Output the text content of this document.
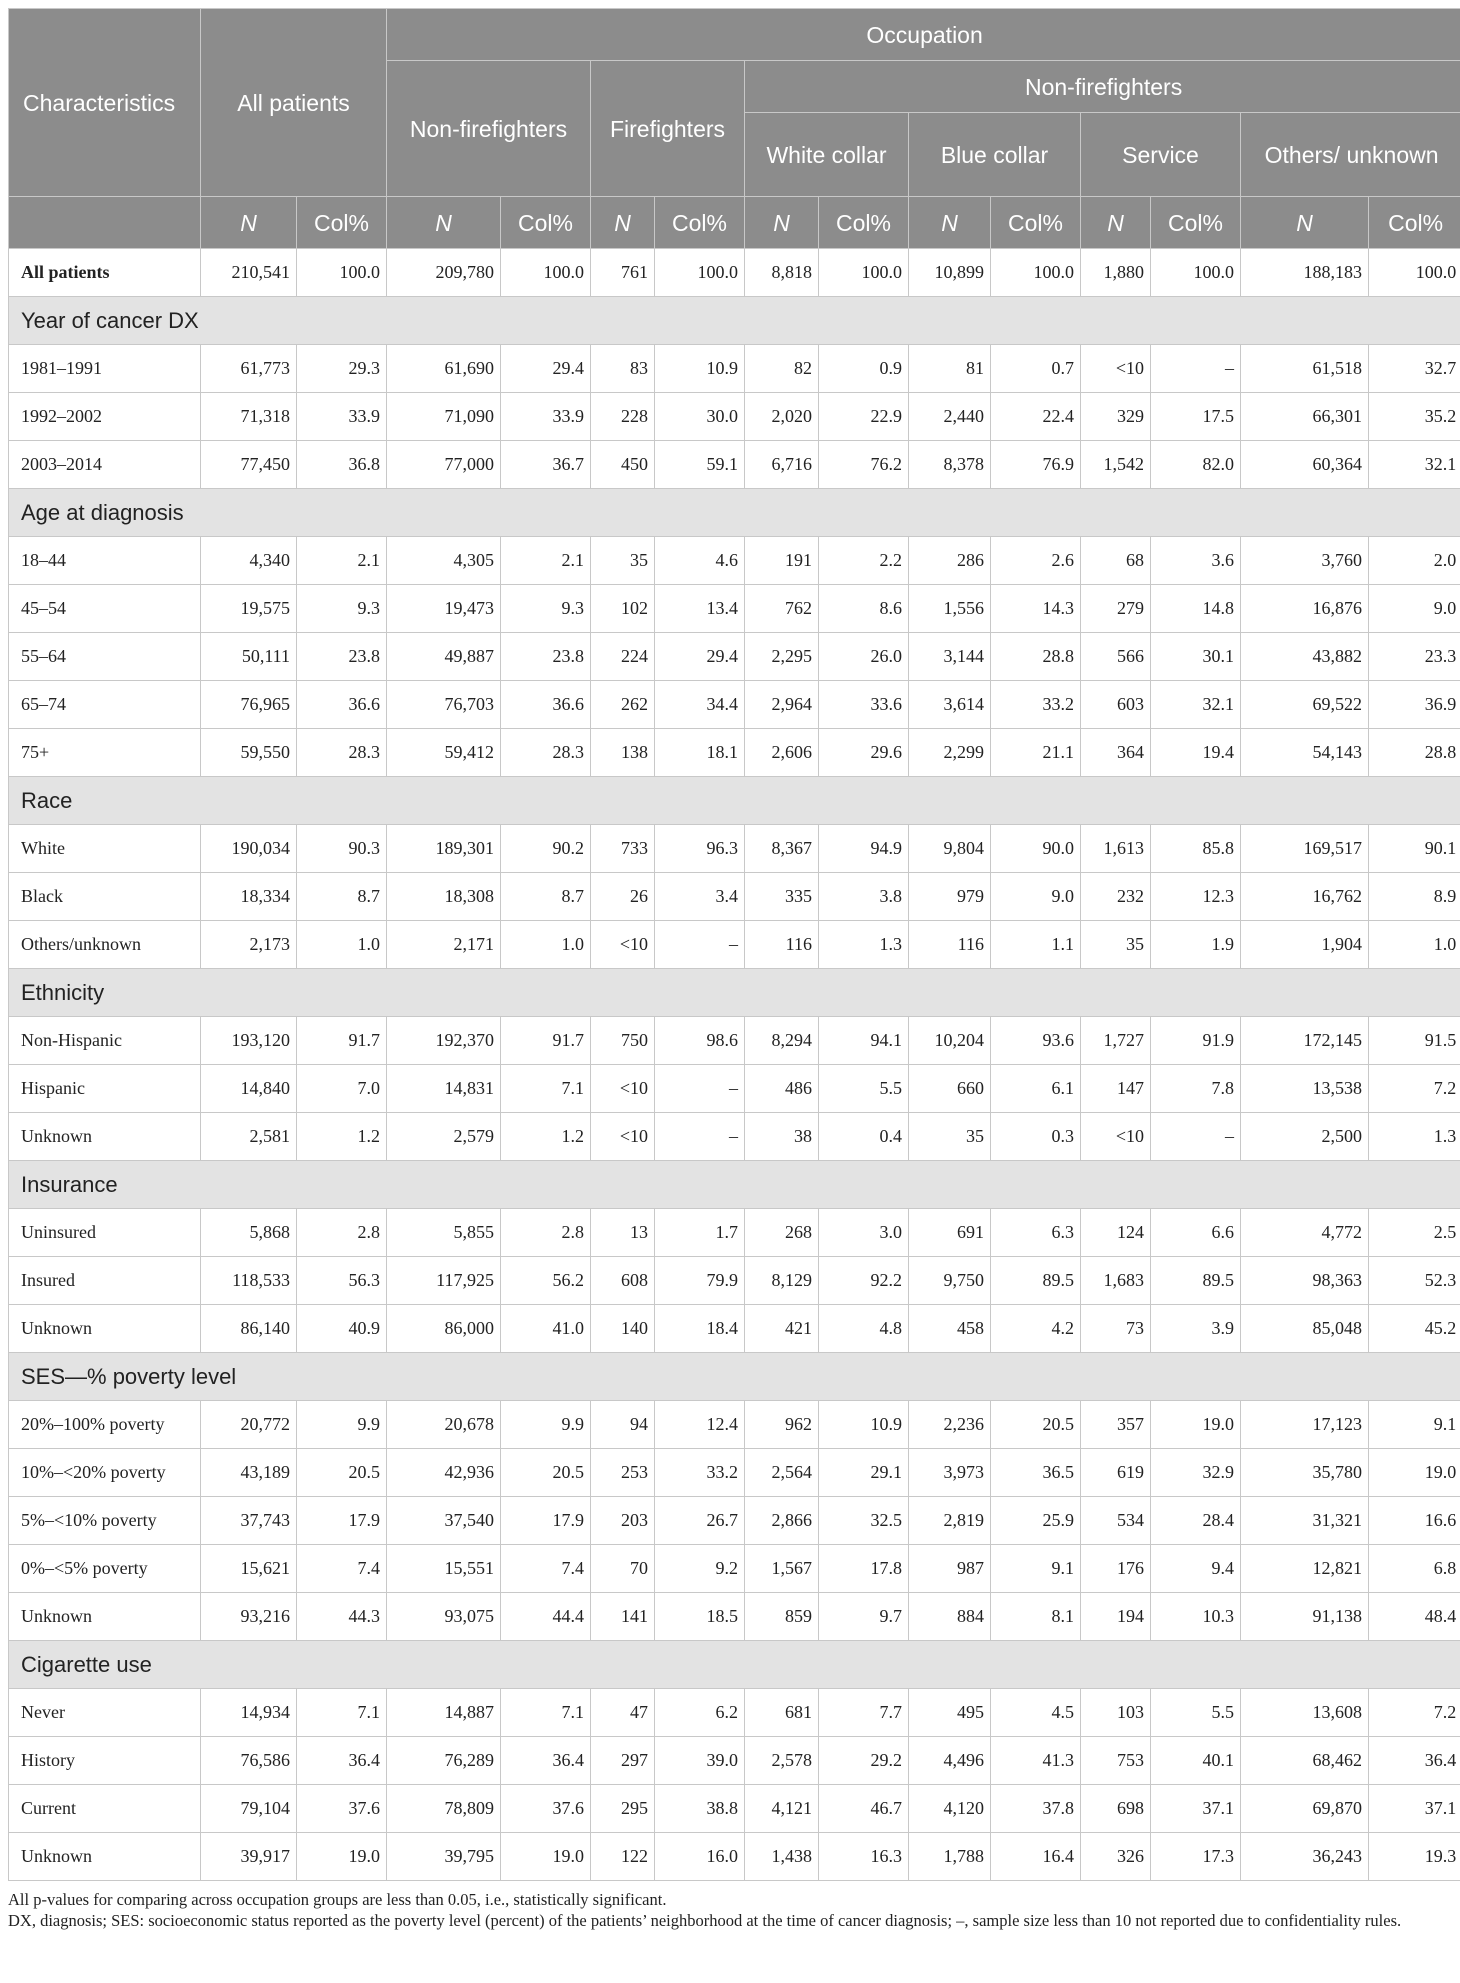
Characteristics	All patients		Occupation											
			Non-firefighters		Firefighters		Non-firefighters							
							White collar		Blue collar		Service		Others/ unknown	
	N	Col%	N	Col%	N	Col%	N	Col%	N	Col%	N	Col%	N	Col%
All patients	210,541	100.0	209,780	100.0	761	100.0	8,818	100.0	10,899	100.0	1,880	100.0	188,183	100.0
Year of cancer DX														
1981–1991	61,773	29.3	61,690	29.4	83	10.9	82	0.9	81	0.7	<10	–	61,518	32.7
1992–2002	71,318	33.9	71,090	33.9	228	30.0	2,020	22.9	2,440	22.4	329	17.5	66,301	35.2
2003–2014	77,450	36.8	77,000	36.7	450	59.1	6,716	76.2	8,378	76.9	1,542	82.0	60,364	32.1
Age at diagnosis														
18–44	4,340	2.1	4,305	2.1	35	4.6	191	2.2	286	2.6	68	3.6	3,760	2.0
45–54	19,575	9.3	19,473	9.3	102	13.4	762	8.6	1,556	14.3	279	14.8	16,876	9.0
55–64	50,111	23.8	49,887	23.8	224	29.4	2,295	26.0	3,144	28.8	566	30.1	43,882	23.3
65–74	76,965	36.6	76,703	36.6	262	34.4	2,964	33.6	3,614	33.2	603	32.1	69,522	36.9
75+	59,550	28.3	59,412	28.3	138	18.1	2,606	29.6	2,299	21.1	364	19.4	54,143	28.8
Race														
White	190,034	90.3	189,301	90.2	733	96.3	8,367	94.9	9,804	90.0	1,613	85.8	169,517	90.1
Black	18,334	8.7	18,308	8.7	26	3.4	335	3.8	979	9.0	232	12.3	16,762	8.9
Others/unknown	2,173	1.0	2,171	1.0	<10	–	116	1.3	116	1.1	35	1.9	1,904	1.0
Ethnicity														
Non-Hispanic	193,120	91.7	192,370	91.7	750	98.6	8,294	94.1	10,204	93.6	1,727	91.9	172,145	91.5
Hispanic	14,840	7.0	14,831	7.1	<10	–	486	5.5	660	6.1	147	7.8	13,538	7.2
Unknown	2,581	1.2	2,579	1.2	<10	–	38	0.4	35	0.3	<10	–	2,500	1.3
Insurance														
Uninsured	5,868	2.8	5,855	2.8	13	1.7	268	3.0	691	6.3	124	6.6	4,772	2.5
Insured	118,533	56.3	117,925	56.2	608	79.9	8,129	92.2	9,750	89.5	1,683	89.5	98,363	52.3
Unknown	86,140	40.9	86,000	41.0	140	18.4	421	4.8	458	4.2	73	3.9	85,048	45.2
SES—% poverty level														
20%–100% poverty	20,772	9.9	20,678	9.9	94	12.4	962	10.9	2,236	20.5	357	19.0	17,123	9.1
10%–<20% poverty	43,189	20.5	42,936	20.5	253	33.2	2,564	29.1	3,973	36.5	619	32.9	35,780	19.0
5%–<10% poverty	37,743	17.9	37,540	17.9	203	26.7	2,866	32.5	2,819	25.9	534	28.4	31,321	16.6
0%–<5% poverty	15,621	7.4	15,551	7.4	70	9.2	1,567	17.8	987	9.1	176	9.4	12,821	6.8
Unknown	93,216	44.3	93,075	44.4	141	18.5	859	9.7	884	8.1	194	10.3	91,138	48.4
Cigarette use														
Never	14,934	7.1	14,887	7.1	47	6.2	681	7.7	495	4.5	103	5.5	13,608	7.2
History	76,586	36.4	76,289	36.4	297	39.0	2,578	29.2	4,496	41.3	753	40.1	68,462	36.4
Current	79,104	37.6	78,809	37.6	295	38.8	4,121	46.7	4,120	37.8	698	37.1	69,870	37.1
Unknown	39,917	19.0	39,795	19.0	122	16.0	1,438	16.3	1,788	16.4	326	17.3	36,243	19.3

All p-values for comparing across occupation groups are less than 0.05, i.e., statistically significant.

DX, diagnosis; SES: socioeconomic status reported as the poverty level (percent) of the patients’ neighborhood at the time of cancer diagnosis; –, sample size less than 10 not reported due to confidentiality rules.
